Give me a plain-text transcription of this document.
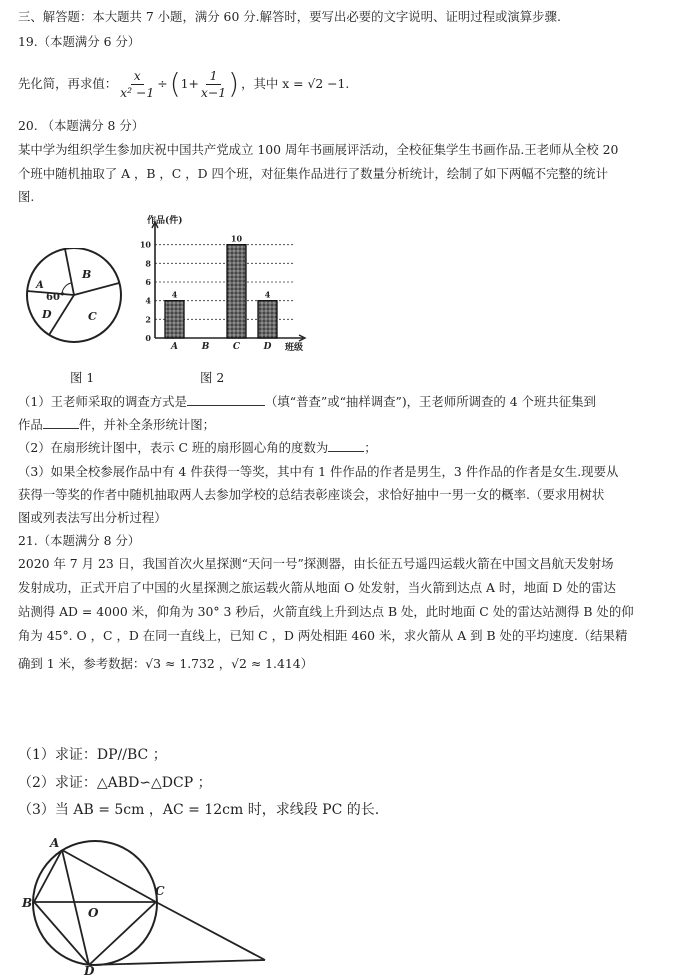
三、解答题：本大题共 7 小题，满分 60 分.解答时，要写出必要的文字说明、证明过程或演算步骤.
19.（本题满分 6 分）
先化简，再求值： $\frac{x}{\text{x² −1}}$ ÷ ( $1+ \frac{1}{x-1}$ ) ，其中 x = √2 −1.
20. （本题满分 8 分）
某中学为组织学生参加庆祝中国共产党成立 100 周年书画展评活动，全校征集学生书画作品.王老师从全校 20
个班中随机抽取了 A ，B ，C ，D 四个班，对征集作品进行了数量分析统计，绘制了如下两幅不完整的统计
图.
A
B
60°
D	C
作品(件)
班级
0
2
4
6
8
10
4
A	B
10
C
4
D
图 1	图 2
（1）王老师采取的调查方式是	（填“普查”或“抽样调查”)，王老师所调查的 4 个班共征集到
作品	件，并补全条形统计图；
（2）在扇形统计图中，表示 C 班的扇形圆心角的度数为	；
（3）如果全校参展作品中有 4 件获得一等奖，其中有 1 件作品的作者是男生，3 件作品的作者是女生.现要从
获得一等奖的作者中随机抽取两人去参加学校的总结表彰座谈会，求恰好抽中一男一女的概率.（要求用树状
图或列表法写出分析过程）
21.（本题满分 8 分）
2020 年 7 月 23 日，我国首次火星探测“天问一号”探测器，由长征五号遥四运载火箭在中国文昌航天发射场
发射成功，正式开启了中国的火星探测之旅运载火箭从地面 O 处发射，当火箭到达点 A 时，地面 D 处的雷达
站测得 AD = 4000 米，仰角为 30° 3 秒后，火箭直线上升到达点 B 处，此时地面 C 处的雷达站测得 B 处的仰
角为 45°. O ，C ，D 在同一直线上，已知 C ，D 两处相距 460 米，求火箭从 A 到 B 处的平均速度.（结果精
确到 1 米，参考数据：√3 ≈ 1.732 ，√2 ≈ 1.414）
（1）求证：DP//BC ；
（2）求证：△ABD∽△DCP ；
（3）当 AB = 5cm ，AC = 12cm 时，求线段 PC 的长.
A
B
O
C
D
